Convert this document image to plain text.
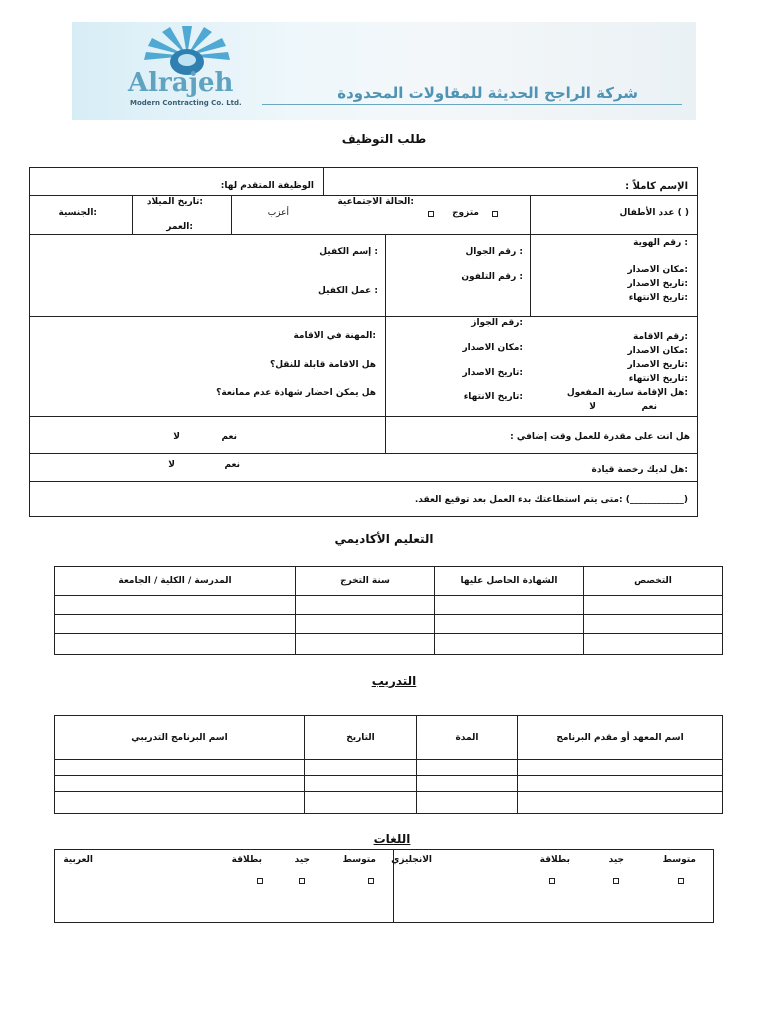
Alrajeh
Modern Contracting Co. Ltd.
شركة الراجح الحديثة للمقاولات المحدودة
طلب التوظيف
الإسم كاملاً :
الوظيفة المتقدم لها:
( ) عدد الأطفال
:الحالة الاجتماعية
متزوج
أعزب
:تاريخ الميلاد
:العمر
:الجنسية
: رقم الهوية
:مكان الاصدار
:تاريخ الاصدار
:تاريخ الانتهاء
: رقم الجوال
: رقم التلفون
: إسم الكفيل
: عمل الكفيل
:رقم الاقامة
:مكان الاصدار
:تاريخ الاصدار
:تاريخ الانتهاء
:هل الإقامة سارية المفعول
نعم
لا
:رقم الجواز
:مكان الاصدار
:تاريخ الاصدار
:تاريخ الانتهاء
:المهنة في الاقامة
هل الاقامة قابلة للنقل؟
هل يمكن احضار شهادة عدم ممانعة؟
هل انت على مقدرة للعمل وقت إضافي :
نعم
لا
:هل لديك رخصة قيادة
نعم
لا
(____________) :متى يتم استطاعتك بدء العمل بعد توقيع العقد.
التعليم الأكاديمي
المدرسة / الكلية / الجامعة	سنة التخرج	الشهادة الحاصل عليها	التخصص

التدريب
اسم البرنامج التدريبي	التاريخ	المدة	اسم المعهد أو مقدم البرنامج

اللغات
الانجليزي	متوسط
جيد
بطلاقة
العربية	متوسط
جيد
بطلاقة
